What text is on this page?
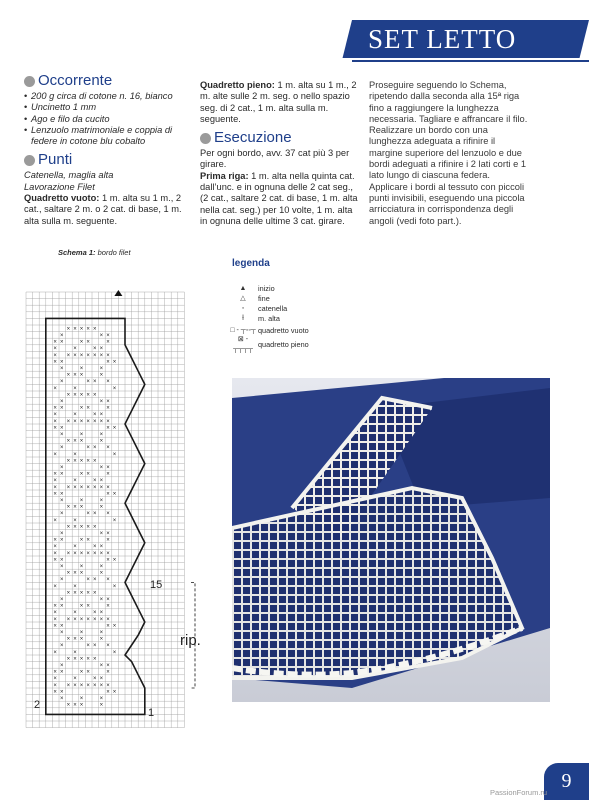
SET LETTO
Occorrente
• 200 g circa di cotone n. 16, bianco
• Uncinetto 1 mm
• Ago e filo da cucito
• Lenzuolo matrimoniale e coppia di federe in cotone blu cobalto
Punti

Catenella, maglia alta

Lavorazione Filet

Quadretto vuoto: 1 m. alta su 1 m., 2 cat., saltare 2 m. o 2 cat. di base, 1 m. alta sulla m. seguente.

Quadretto pieno: 1 m. alta su 1 m., 2 m. alte sulle 2 m. seg. o nello spazio seg. di 2 cat., 1 m. alta sulla m. seguente.

Esecuzione

Per ogni bordo, avv. 37 cat più 3 per girare.

Prima riga: 1 m. alta nella quinta cat. dall’unc. e in ognuna delle 2 cat seg., (2 cat., saltare 2 cat. di base, 1 m. alta nella cat. seg.) per 10 volte, 1 m. alta in ognuna delle ultime 3 cat. girare.

Proseguire seguendo lo Schema, ripetendo dalla seconda alla 15ª riga fino a raggiungere la lunghezza necessaria. Tagliare e affrancare il filo. Realizzare un bordo con una lunghezza adeguata a rifinire il margine superiore del lenzuolo e due bordi adeguati a rifinire i 2 lati corti e 1 lato lungo di ciascuna federa. Applicare i bordi al tessuto con piccoli punti invisibili, eseguendo una piccola arricciatura in corrispondenza degli angoli (vedi foto part.).

Schema 1: bordo filet
legenda
▲	inizio
△	fine
◦	catenella
ƚ	m. alta
□ - ┬◦◦┬ quadretto vuoto
⊠ - ┬┬┬┬
quadretto pieno
× × × × ×
×	× ×
× ×	× ×	×
×	×	× ×
× × × × × × × ×
× ×	× ×
×	×	×
× × ×	×
×	× × ×
×	×	×
× × × × ×
×	× ×
× ×	× ×	×
×	×	× ×
× × × × × × × ×
× ×	× ×
×	×	×
× × ×	×
×	× × ×
×	×	×
× × × × ×
×	× ×
× ×	× ×	×
×	×	× ×
× × × × × × × ×
× ×	× ×
×	×	×
× × ×	×
×	× × ×
×	×	×
× × × × ×
×	× ×
× ×	× ×	×
×	×	× ×
× × × × × × × ×
× ×	× ×
×	×	×
× × ×	×
×	× × ×
×	×	×
× × × × ×
×	× ×
× ×	× ×	×
×	×	× ×
× × × × × × × ×
× ×	× ×
×	×	×
× × ×	×
×	× × ×
×	×	×
× × × × ×
×	× ×
× ×	× ×	×
×	×	× ×
× × × × × × × ×
× ×	× ×
×	×	×
× × ×	×
15
rip.
1
2
9
PassionForum.ru
